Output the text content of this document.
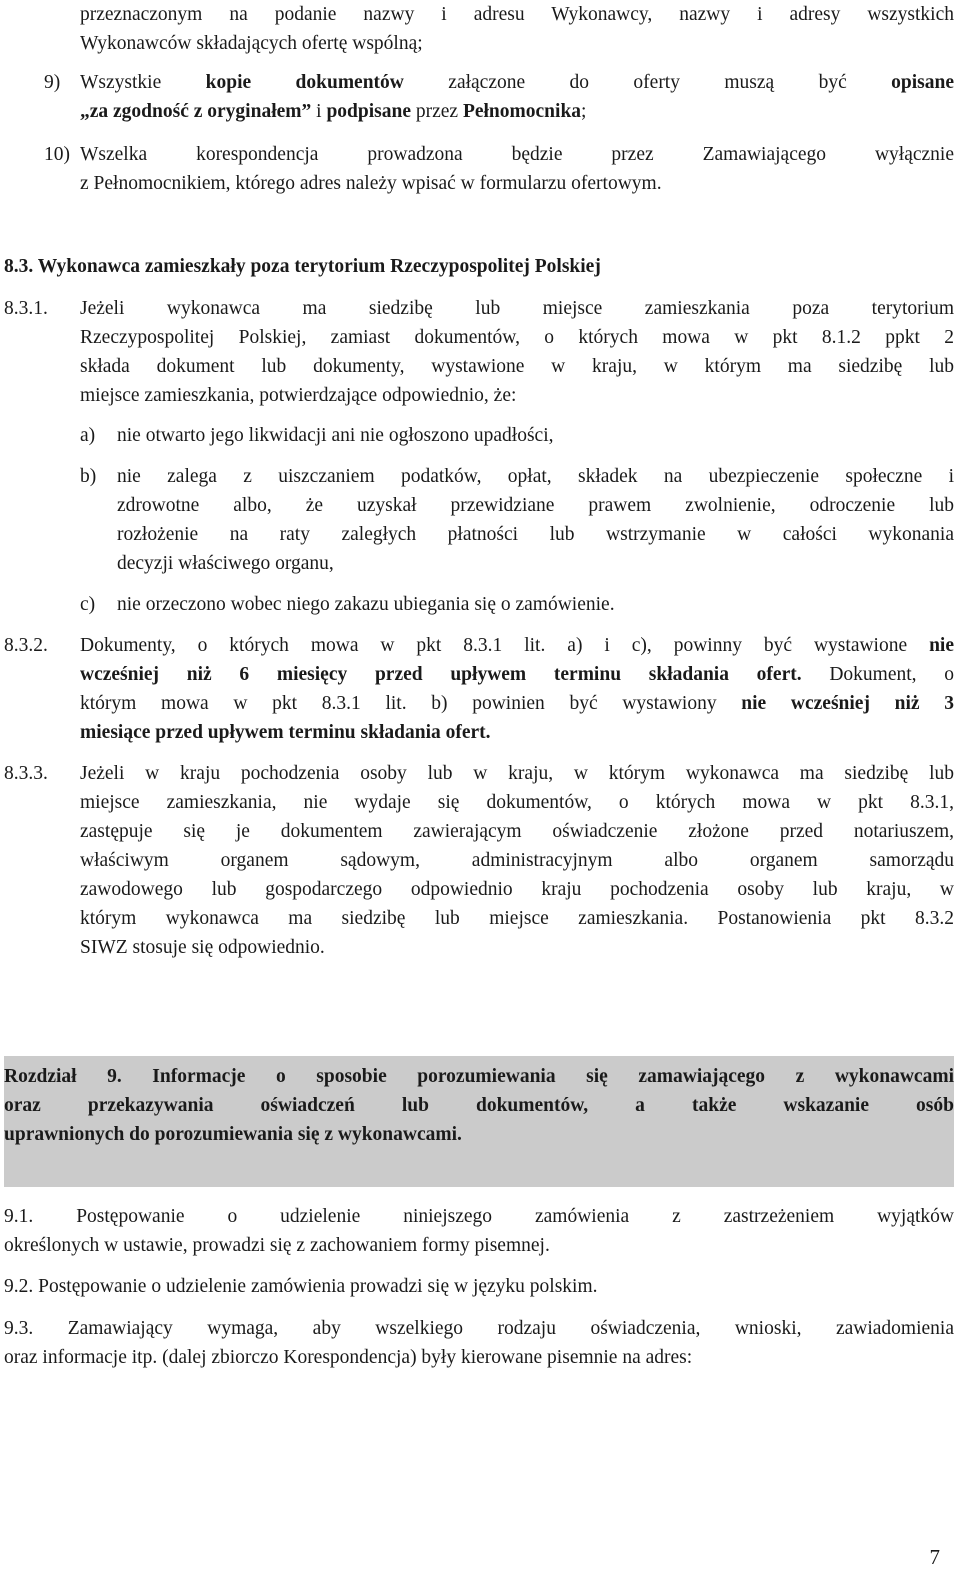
przeznaczonym na podanie nazwy i adresu Wykonawcy, nazwy i adresy wszystkich
Wykonawców składających ofertę wspólną;
9) Wszystkie kopie dokumentów załączone do oferty muszą być opisane
„za zgodność z oryginałem” i podpisane przez Pełnomocnika;
10) Wszelka korespondencja prowadzona będzie przez Zamawiającego wyłącznie
z Pełnomocnikiem, którego adres należy wpisać w formularzu ofertowym.
8.3. Wykonawca zamieszkały poza terytorium Rzeczypospolitej Polskiej
8.3.1. Jeżeli wykonawca ma siedzibę lub miejsce zamieszkania poza terytorium
Rzeczypospolitej Polskiej, zamiast dokumentów, o których mowa w pkt 8.1.2 ppkt 2
składa dokument lub dokumenty, wystawione w kraju, w którym ma siedzibę lub
miejsce zamieszkania, potwierdzające odpowiednio, że:
a) nie otwarto jego likwidacji ani nie ogłoszono upadłości,
b) nie zalega z uiszczaniem podatków, opłat, składek na ubezpieczenie społeczne i
zdrowotne albo, że uzyskał przewidziane prawem zwolnienie, odroczenie lub
rozłożenie na raty zaległych płatności lub wstrzymanie w całości wykonania
decyzji właściwego organu,
c) nie orzeczono wobec niego zakazu ubiegania się o zamówienie.
8.3.2. Dokumenty, o których mowa w pkt 8.3.1 lit. a) i c), powinny być wystawione nie
wcześniej niż 6 miesięcy przed upływem terminu składania ofert. Dokument, o
którym mowa w pkt 8.3.1 lit. b) powinien być wystawiony nie wcześniej niż 3
miesiące przed upływem terminu składania ofert.
8.3.3. Jeżeli w kraju pochodzenia osoby lub w kraju, w którym wykonawca ma siedzibę lub
miejsce zamieszkania, nie wydaje się dokumentów, o których mowa w pkt 8.3.1,
zastępuje się je dokumentem zawierającym oświadczenie złożone przed notariuszem,
właściwym organem sądowym, administracyjnym albo organem samorządu
zawodowego lub gospodarczego odpowiednio kraju pochodzenia osoby lub kraju, w
którym wykonawca ma siedzibę lub miejsce zamieszkania. Postanowienia pkt 8.3.2
SIWZ stosuje się odpowiednio.
Rozdział 9. Informacje o sposobie porozumiewania się zamawiającego z wykonawcami
oraz przekazywania oświadczeń lub dokumentów, a także wskazanie osób
uprawnionych do porozumiewania się z wykonawcami.
9.1. Postępowanie o udzielenie niniejszego zamówienia z zastrzeżeniem wyjątków
określonych w ustawie, prowadzi się z zachowaniem formy pisemnej.
9.2. Postępowanie o udzielenie zamówienia prowadzi się w języku polskim.
9.3. Zamawiający wymaga, aby wszelkiego rodzaju oświadczenia, wnioski, zawiadomienia
oraz informacje itp. (dalej zbiorczo Korespondencja) były kierowane pisemnie na adres:
7
